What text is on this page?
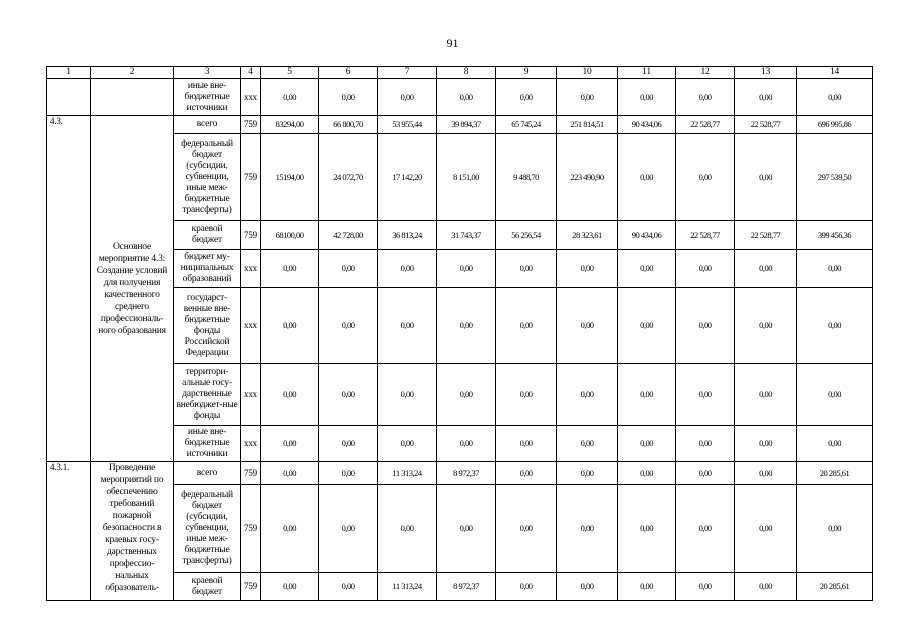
91
1	2	3	4	5	6	7	8	9	10	11	12	13	14
		иные вне-бюджетные источники	ххх	0,00	0,00	0,00	0,00	0,00	0,00	0,00	0,00	0,00	0,00
4.3.	Основное мероприятие 4.3: Создание условий для получения качественного среднего профессиональ-ного образования	всего	759	83294,00	66 800,70	53 955,44	39 894,37	65 745,24	251 814,51	90 434,06	22 528,77	22 528,77	696 995,86
		федеральный бюджет (субсидии, субвенции, иные меж-бюджетные трансферты)	759	15194,00	24 072,70	17 142,20	8 151,00	9 488,70	223 490,90	0,00	0,00	0,00	297 539,50
		краевой бюджет	759	68100,00	42 728,00	36 813,24	31 743,37	56 256,54	28 323,61	90 434,06	22 528,77	22 528,77	399 456,36
		бюджет му-ниципальных образований	ххх	0,00	0,00	0,00	0,00	0,00	0,00	0,00	0,00	0,00	0,00
		государст-венные вне-бюджетные фонды Российской Федерации	ххх	0,00	0,00	0,00	0,00	0,00	0,00	0,00	0,00	0,00	0,00
		территори-альные госу-дарственные внебюджет-ные фонды	ххх	0,00	0,00	0,00	0,00	0,00	0,00	0,00	0,00	0,00	0,00
		иные вне-бюджетные источники	ххх	0,00	0,00	0,00	0,00	0,00	0,00	0,00	0,00	0,00	0,00
4.3.1.	Проведение мероприятий по обеспечению требований пожарной безопасности в краевых госу-дарственных профессио-нальных образователь-	всего	759	0,00	0,00	11 313,24	8 972,37	0,00	0,00	0,00	0,00	0,00	20 285,61
		федеральный бюджет (субсидии, субвенции, иные меж-бюджетные трансферты)	759	0,00	0,00	0,00	0,00	0,00	0,00	0,00	0,00	0,00	0,00
		краевой бюджет	759	0,00	0,00	11 313,24	8 972,37	0,00	0,00	0,00	0,00	0,00	20 285,61
